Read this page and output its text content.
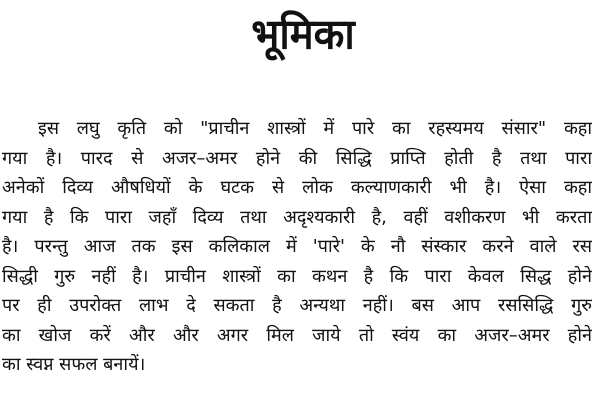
भूमिका
इस लघु कृति को "प्राचीन शास्त्रों में पारे का रहस्यमय संसार" कहा
गया है। पारद से अजर–अमर होने की सिद्धि प्राप्ति होती है तथा पारा
अनेकों दिव्य औषधियों के घटक से लोक कल्याणकारी भी है। ऐसा कहा
गया है कि पारा जहाँ दिव्य तथा अदृश्यकारी है, वहीं वशीकरण भी करता
है। परन्तु आज तक इस कलिकाल में 'पारे' के नौ संस्कार करने वाले रस
सिद्धी गुरु नहीं है। प्राचीन शास्त्रों का कथन है कि पारा केवल सिद्ध होने
पर ही उपरोक्त लाभ दे सकता है अन्यथा नहीं। बस आप रससिद्धि गुरु
का खोज करें और और अगर मिल जाये तो स्वंय का अजर–अमर होने
का स्वप्न सफल बनायें।
